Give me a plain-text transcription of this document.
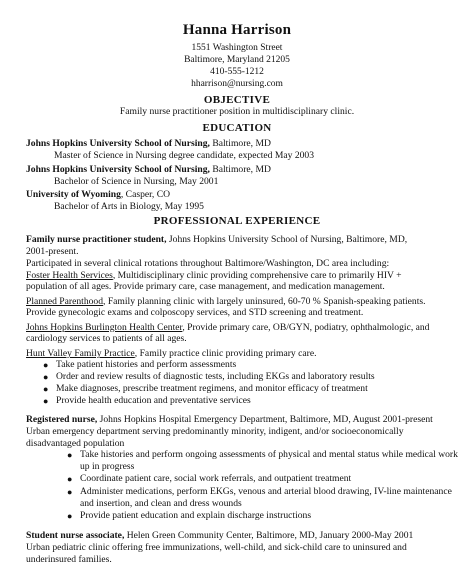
Hanna Harrison
1551 Washington Street
Baltimore, Maryland 21205
410-555-1212
hharrison@nursing.com
OBJECTIVE
Family nurse practitioner position in multidisciplinary clinic.
EDUCATION
Johns Hopkins University School of Nursing, Baltimore, MD
Master of Science in Nursing degree candidate, expected May 2003
Johns Hopkins University School of Nursing, Baltimore, MD
Bachelor of Science in Nursing, May 2001
University of Wyoming, Casper, CO
Bachelor of Arts in Biology, May 1995
PROFESSIONAL EXPERIENCE
Family nurse practitioner student, Johns Hopkins University School of Nursing, Baltimore, MD,
2001-present.
Participated in several clinical rotations throughout Baltimore/Washington, DC area including:
Foster Health Services, Multidisciplinary clinic providing comprehensive care to primarily HIV +
population of all ages. Provide primary care, case management, and medication management.
Planned Parenthood, Family planning clinic with largely uninsured, 60-70 % Spanish-speaking patients.
Provide gynecologic exams and colposcopy services, and STD screening and treatment.
Johns Hopkins Burlington Health Center, Provide primary care, OB/GYN, podiatry, ophthalmologic, and
cardiology services to patients of all ages.
Hunt Valley Family Practice, Family practice clinic providing primary care.
● Take patient histories and perform assessments
● Order and review results of diagnostic tests, including EKGs and laboratory results
● Make diagnoses, prescribe treatment regimens, and monitor efficacy of treatment
● Provide health education and preventative services
Registered nurse, Johns Hopkins Hospital Emergency Department, Baltimore, MD, August 2001-present
Urban emergency department serving predominantly minority, indigent, and/or socioeconomically
disadvantaged population
● Take histories and perform ongoing assessments of physical and mental status while medical work
up in progress
● Coordinate patient care, social work referrals, and outpatient treatment
● Administer medications, perform EKGs, venous and arterial blood drawing, IV-line maintenance
and insertion, and clean and dress wounds
● Provide patient education and explain discharge instructions
Student nurse associate, Helen Green Community Center, Baltimore, MD, January 2000-May 2001
Urban pediatric clinic offering free immunizations, well-child, and sick-child care to uninsured and
underinsured families.
